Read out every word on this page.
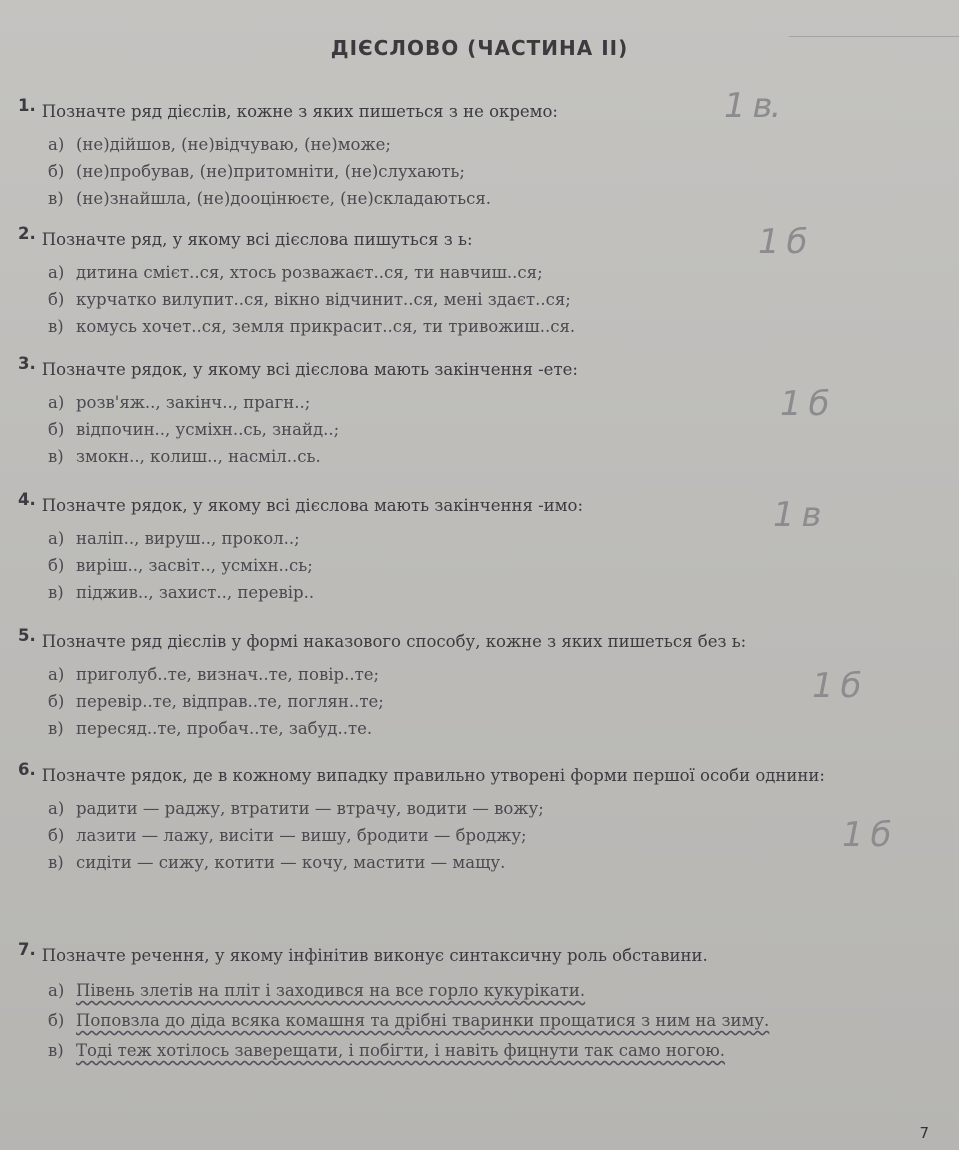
ДІЄСЛОВО (ЧАСТИНА II)
1. Позначте ряд дієслів, кожне з яких пишеться з не окремо:
а) (не)дійшов, (не)відчуваю, (не)може;
б) (не)пробував, (не)притомніти, (не)слухають;
в) (не)знайшла, (не)дооцінюєте, (не)складаються.
2. Позначте ряд, у якому всі дієслова пишуться з ь:
а) дитина смієт..ся, хтось розважаєт..ся, ти навчиш..ся;
б) курчатко вилупит..ся, вікно відчинит..ся, мені здаєт..ся;
в) комусь хочет..ся, земля прикрасит..ся, ти тривожиш..ся.
3. Позначте рядок, у якому всі дієслова мають закінчення -ете:
а) розв'яж.., закінч.., прагн..;
б) відпочин.., усміхн..сь, знайд..;
в) змокн.., колиш.., насміл..сь.
4. Позначте рядок, у якому всі дієслова мають закінчення -имо:
а) наліп.., вируш.., прокол..;
б) виріш.., засвіт.., усміхн..сь;
в) піджив.., захист.., перевір..
5. Позначте ряд дієслів у формі наказового способу, кожне з яких пишеться без ь:
а) приголуб..те, визнач..те, повір..те;
б) перевір..те, відправ..те, поглян..те;
в) пересяд..те, пробач..те, забуд..те.
6. Позначте рядок, де в кожному випадку правильно утворені форми першої особи однини:
а) радити — раджу, втратити — втрачу, водити — вожу;
б) лазити — лажу, висіти — вишу, бродити — броджу;
в) сидіти — сижу, котити — кочу, мастити — мащу.
7. Позначте речення, у якому інфінітив виконує синтаксичну роль обставини.
а) Півень злетів на пліт і заходився на все горло кукурікати.
б) Поповзла до діда всяка комашня та дрібні тваринки прощатися з ним на зиму.
в) Тоді теж хотілось заверещати, і побігти, і навіть фицнути так само ногою.
1 в.
1 б
1 б
1 в
1 б
1 б
7
